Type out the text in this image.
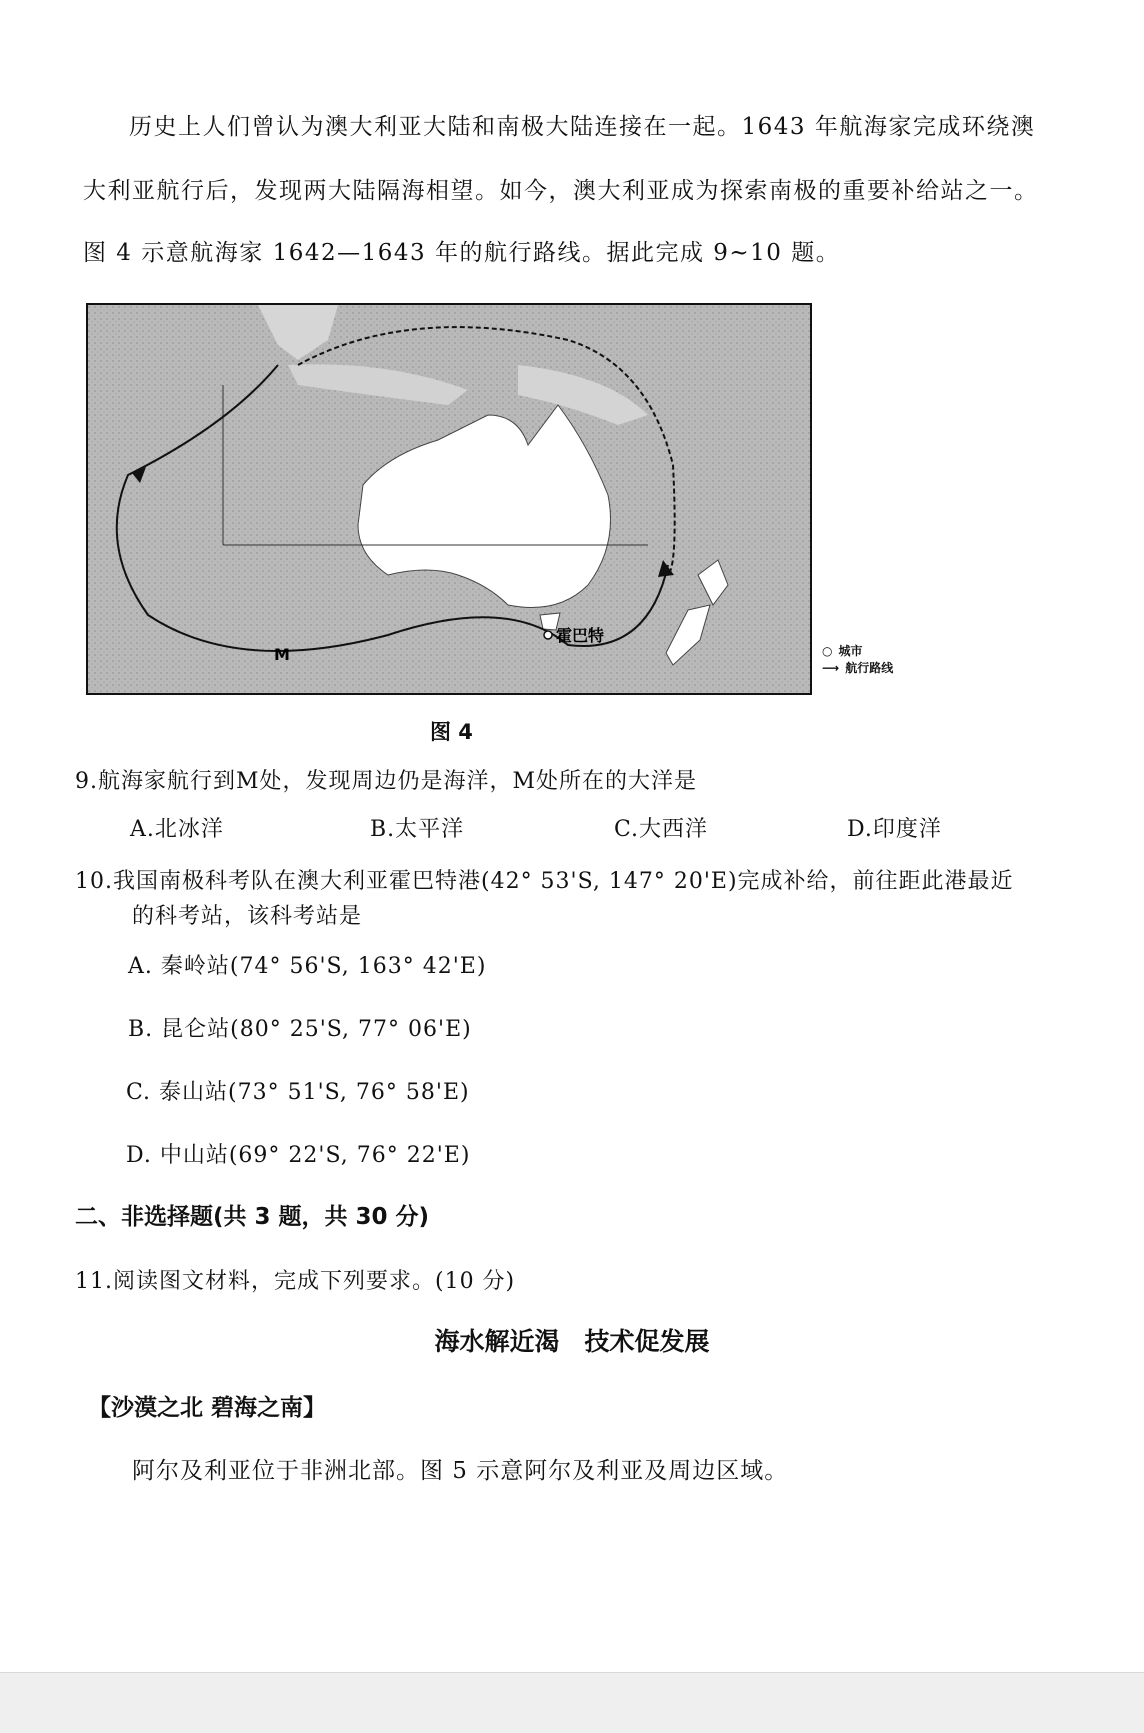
历史上人们曾认为澳大利亚大陆和南极大陆连接在一起。1643 年航海家完成环绕澳
大利亚航行后，发现两大陆隔海相望。如今，澳大利亚成为探索南极的重要补给站之一。
图 4 示意航海家 1642—1643 年的航行路线。据此完成 9~10 题。
霍巴特
M	○ 城市
⟶ 航行路线
图 4
9.航海家航行到M处，发现周边仍是海洋，M处所在的大洋是
A.北冰洋	B.太平洋	C.大西洋	D.印度洋
10.我国南极科考队在澳大利亚霍巴特港(42° 53'S, 147° 20'E)完成补给，前往距此港最近
的科考站，该科考站是
A. 秦岭站(74° 56'S, 163° 42'E)
B. 昆仑站(80° 25'S, 77° 06'E)
C. 泰山站(73° 51'S, 76° 58'E)
D. 中山站(69° 22'S, 76° 22'E)
二、非选择题(共 3 题，共 30 分)
11.阅读图文材料，完成下列要求。(10 分)
海水解近渴　技术促发展
【沙漠之北 碧海之南】
阿尔及利亚位于非洲北部。图 5 示意阿尔及利亚及周边区域。
